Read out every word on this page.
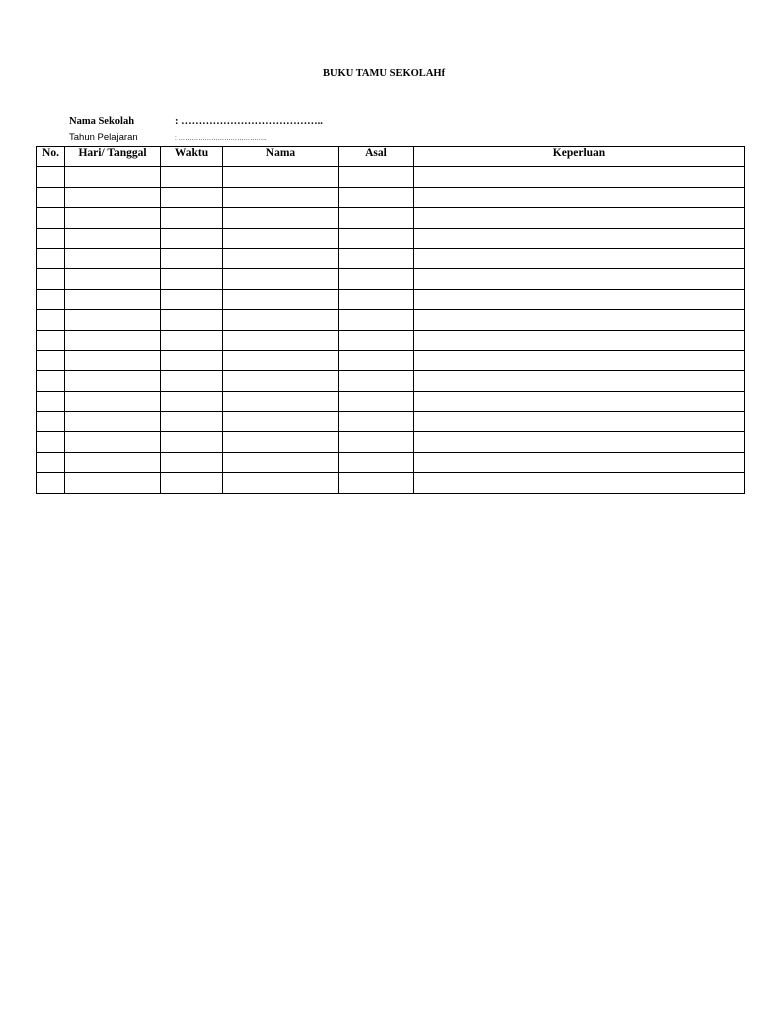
BUKU TAMU SEKOLAHf
Nama Sekolah	: …………………………………..
Tahun Pelajaran	: …………………………………..
No.	Hari/ Tanggal	Waktu	Nama	Asal	Keperluan
